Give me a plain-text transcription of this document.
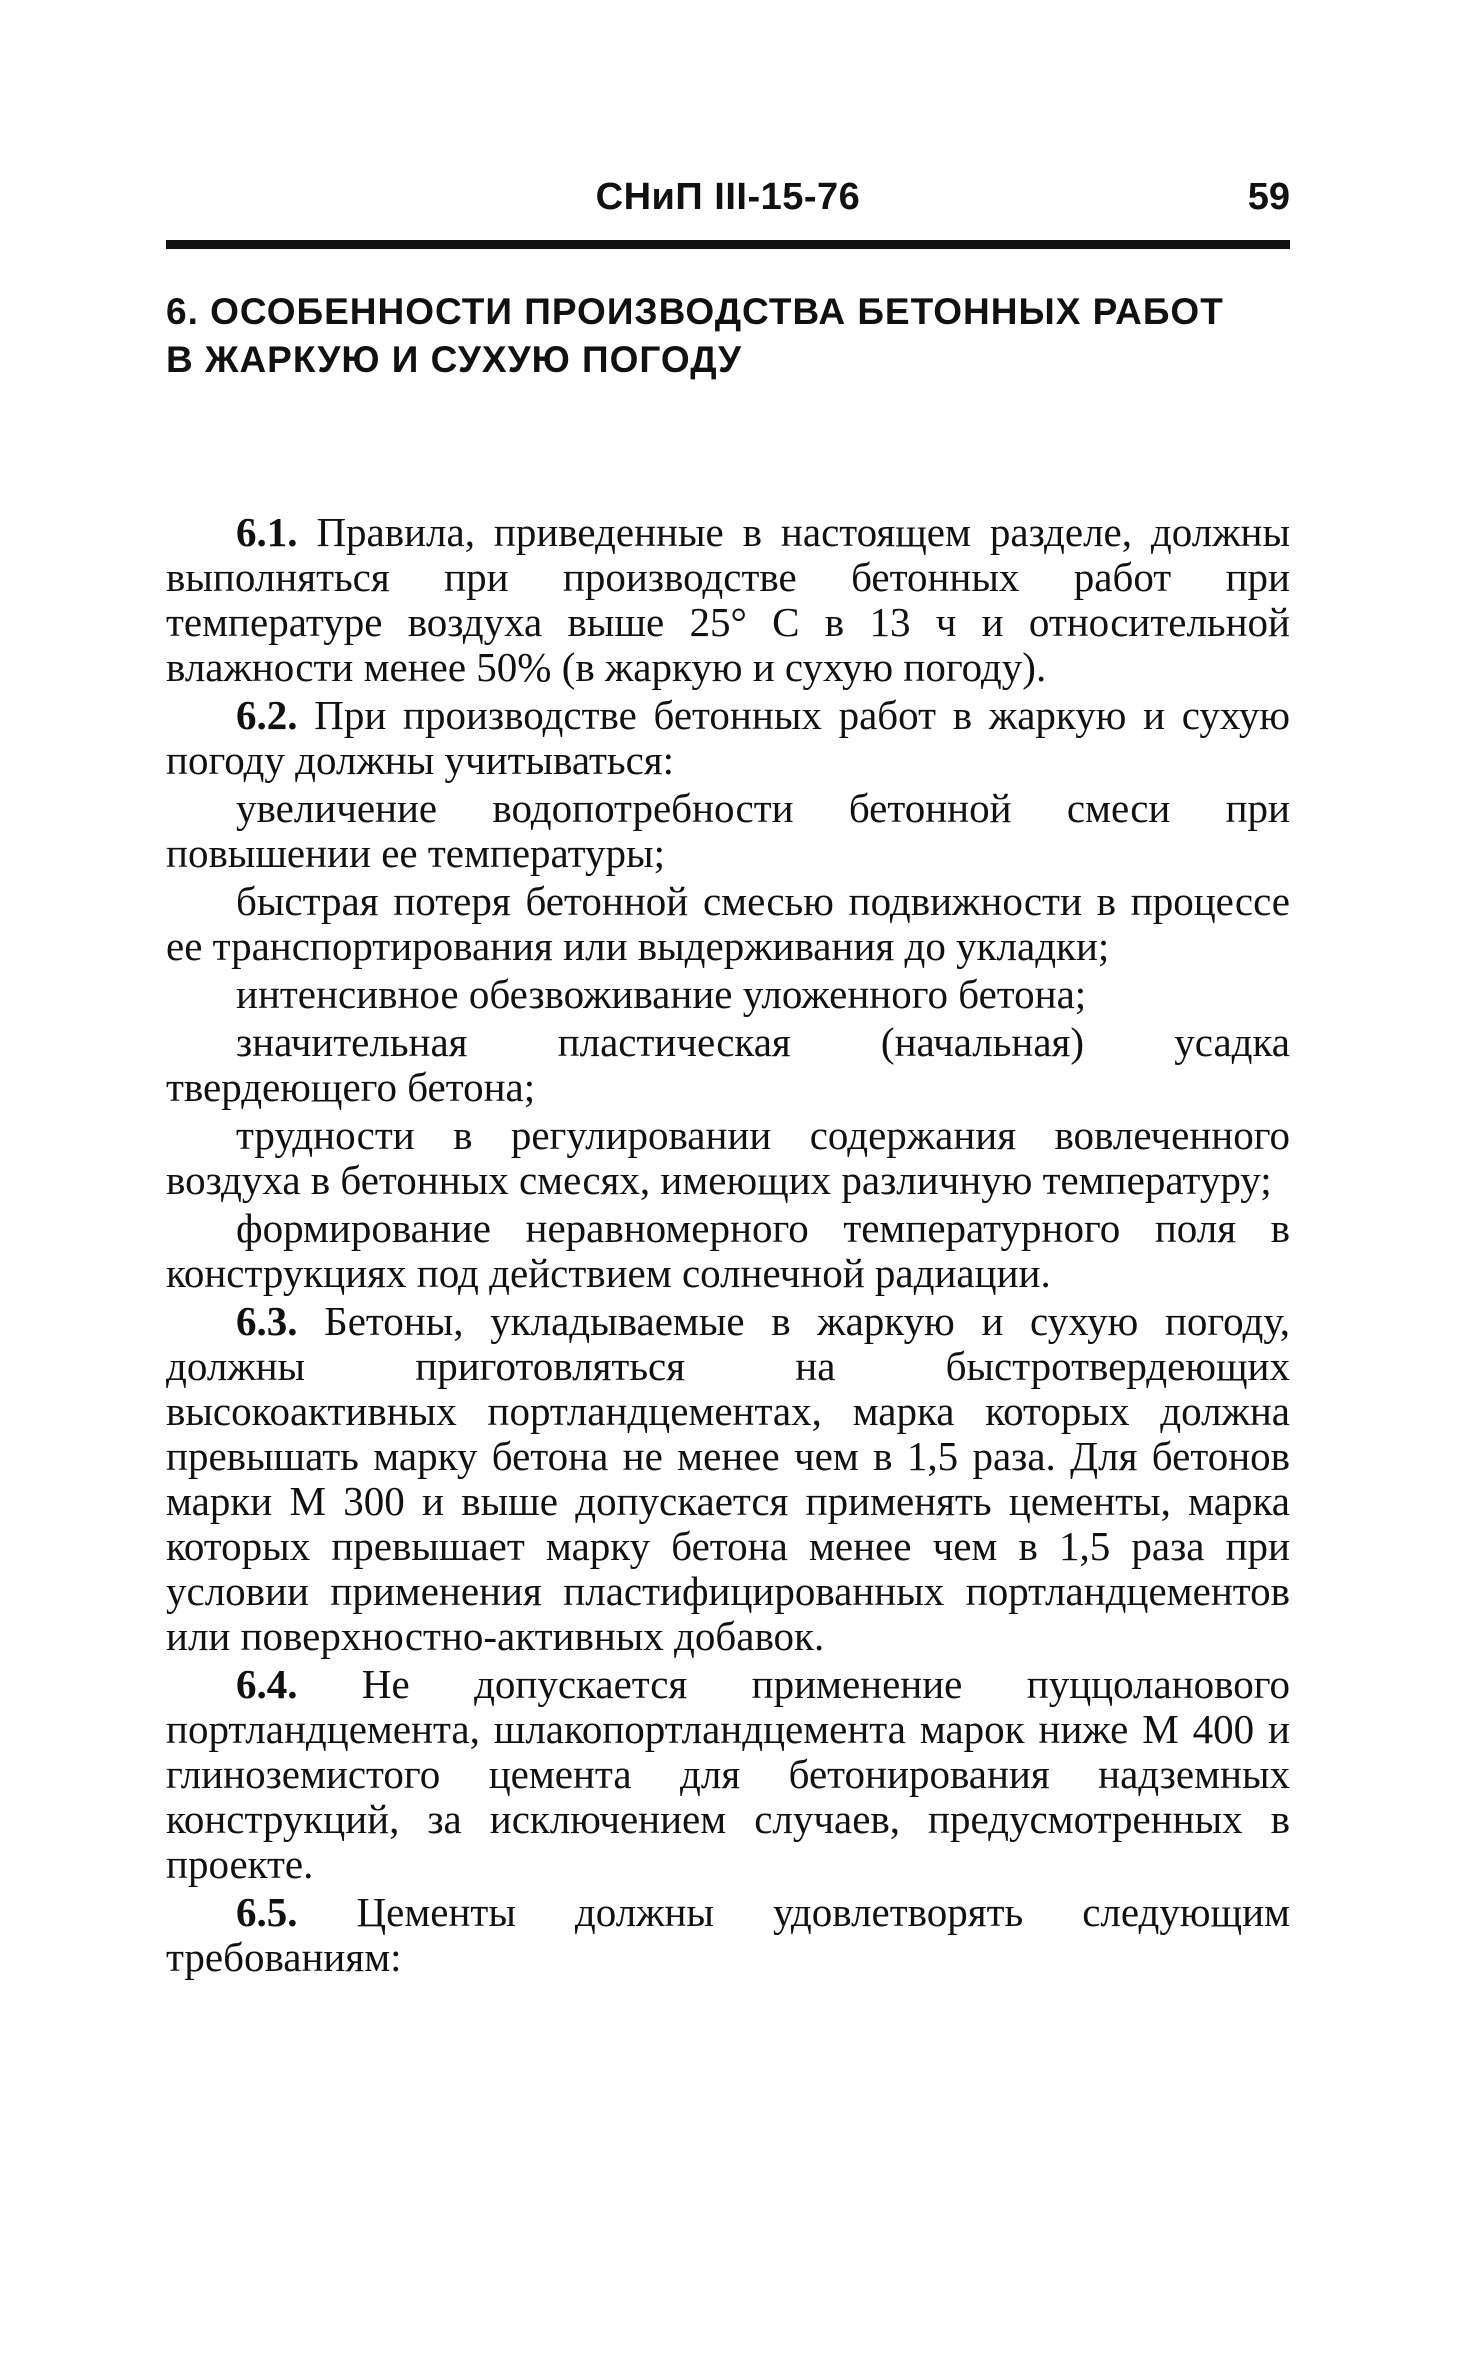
СНиП III-15-76	59
6. ОСОБЕННОСТИ ПРОИЗВОДСТВА БЕТОННЫХ РАБОТ
В ЖАРКУЮ И СУХУЮ ПОГОДУ

6.1. Правила, приведенные в настоящем разделе, должны выполняться при производстве бетонных работ при температуре воздуха выше 25° С в 13 ч и относительной влажности менее 50% (в жаркую и сухую погоду).

6.2. При производстве бетонных работ в жаркую и сухую погоду должны учитываться:

увеличение водопотребности бетонной смеси при повышении ее температуры;

быстрая потеря бетонной смесью подвижности в процессе ее транспортирования или выдерживания до укладки;

интенсивное обезвоживание уложенного бетона;

значительная пластическая (начальная) усадка твердеющего бетона;

трудности в регулировании содержания вовлеченного воздуха в бетонных смесях, имеющих различную температуру;

формирование неравномерного температурного поля в конструкциях под действием солнечной радиации.

6.3. Бетоны, укладываемые в жаркую и сухую погоду, должны приготовляться на быстротвердеющих высокоактивных портландцементах, марка которых должна превышать марку бетона не менее чем в 1,5 раза. Для бетонов марки М 300 и выше допускается применять цементы, марка которых превышает марку бетона менее чем в 1,5 раза при условии применения пластифицированных портландцементов или поверхностно-активных добавок.

6.4. Не допускается применение пуццоланового портландцемента, шлакопортландцемента марок ниже М 400 и глиноземистого цемента для бетонирования надземных конструкций, за исключением случаев, предусмотренных в проекте.

6.5. Цементы должны удовлетворять следующим требованиям:
